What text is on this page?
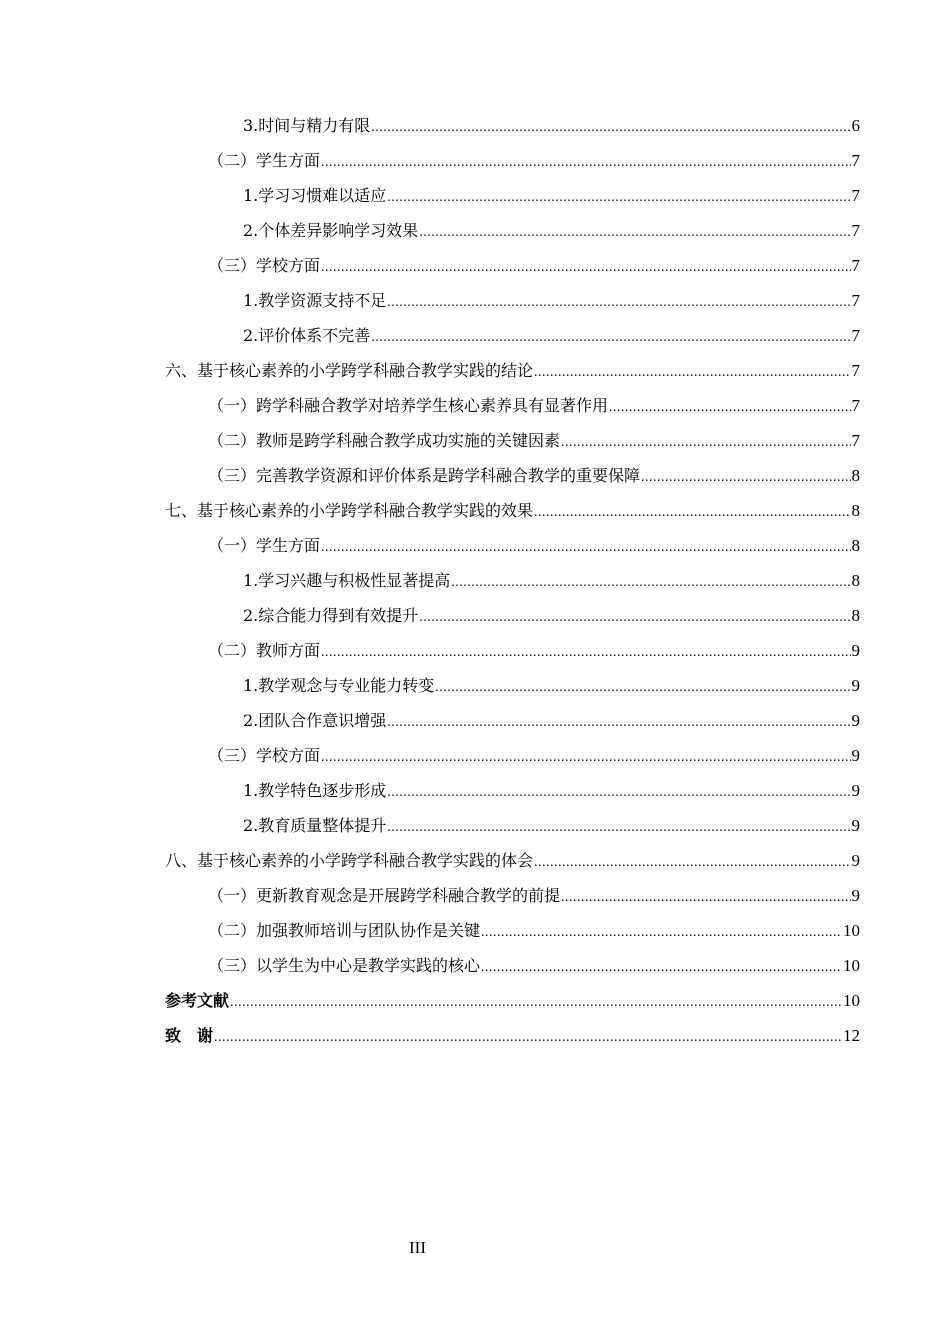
3.时间与精力有限 .....	6
（二）学生方面 .....	7
1.学习习惯难以适应 .....	7
2.个体差异影响学习效果 .....	7
（三）学校方面 .....	7
1.教学资源支持不足 .....	7
2.评价体系不完善 .....	7
六、基于核心素养的小学跨学科融合教学实践的结论 .....	7
（一）跨学科融合教学对培养学生核心素养具有显著作用 .....	7
（二）教师是跨学科融合教学成功实施的关键因素 .....	7
（三）完善教学资源和评价体系是跨学科融合教学的重要保障 .....	8
七、基于核心素养的小学跨学科融合教学实践的效果 .....	8
（一）学生方面 .....	8
1.学习兴趣与积极性显著提高 .....	8
2.综合能力得到有效提升 .....	8
（二）教师方面 .....	9
1.教学观念与专业能力转变 .....	9
2.团队合作意识增强 .....	9
（三）学校方面 .....	9
1.教学特色逐步形成 .....	9
2.教育质量整体提升 .....	9
八、基于核心素养的小学跨学科融合教学实践的体会 .....	9
（一）更新教育观念是开展跨学科融合教学的前提 .....	9
（二）加强教师培训与团队协作是关键 .....	10
（三）以学生为中心是教学实践的核心 .....	10
参考文献 .....	10
致　谢 .....	12
III
